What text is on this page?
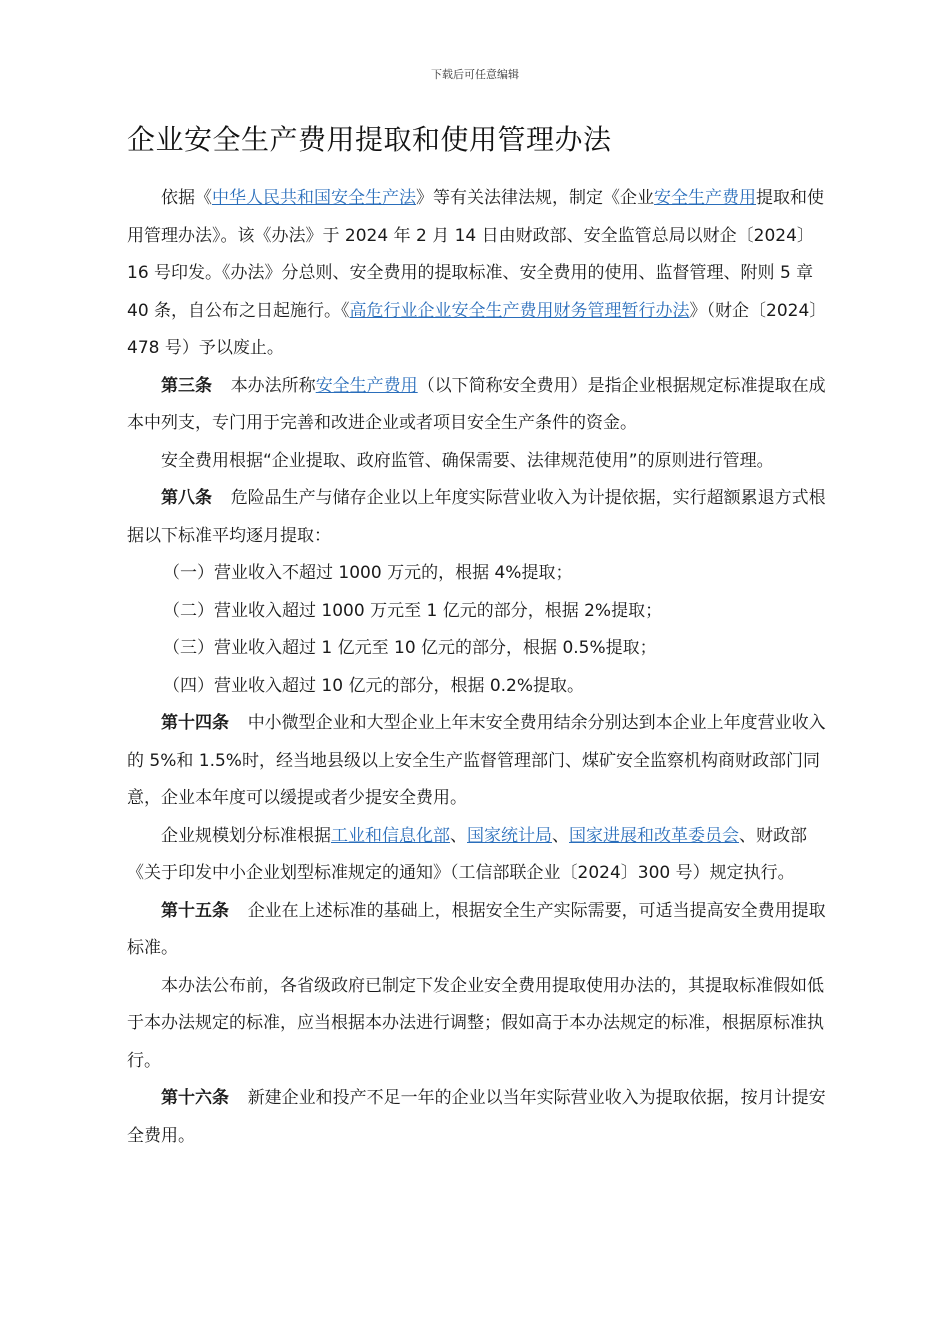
下载后可任意编辑
企业安全生产费用提取和使用管理办法

依据《中华人民共和国安全生产法》等有关法律法规，制定《企业安全生产费用提取和使用管理办法》。该《办法》于 2024 年 2 月 14 日由财政部、安全监管总局以财企〔2024〕16 号印发。《办法》分总则、安全费用的提取标准、安全费用的使用、监督管理、附则 5 章 40 条，自公布之日起施行。《高危行业企业安全生产费用财务管理暂行办法》（财企〔2024〕478 号）予以废止。

第三条 本办法所称安全生产费用（以下简称安全费用）是指企业根据规定标准提取在成本中列支，专门用于完善和改进企业或者项目安全生产条件的资金。

安全费用根据“企业提取、政府监管、确保需要、法律规范使用”的原则进行管理。

第八条 危险品生产与储存企业以上年度实际营业收入为计提依据，实行超额累退方式根据以下标准平均逐月提取：

（一）营业收入不超过 1000 万元的，根据 4%提取；

（二）营业收入超过 1000 万元至 1 亿元的部分，根据 2%提取；

（三）营业收入超过 1 亿元至 10 亿元的部分，根据 0.5%提取；

（四）营业收入超过 10 亿元的部分，根据 0.2%提取。

第十四条 中小微型企业和大型企业上年末安全费用结余分别达到本企业上年度营业收入的 5%和 1.5%时，经当地县级以上安全生产监督管理部门、煤矿安全监察机构商财政部门同意，企业本年度可以缓提或者少提安全费用。

企业规模划分标准根据工业和信息化部、国家统计局、国家进展和改革委员会、财政部《关于印发中小企业划型标准规定的通知》（工信部联企业〔2024〕300 号）规定执行。

第十五条 企业在上述标准的基础上，根据安全生产实际需要，可适当提高安全费用提取标准。

本办法公布前，各省级政府已制定下发企业安全费用提取使用办法的，其提取标准假如低于本办法规定的标准，应当根据本办法进行调整；假如高于本办法规定的标准，根据原标准执行。

第十六条 新建企业和投产不足一年的企业以当年实际营业收入为提取依据，按月计提安全费用。
